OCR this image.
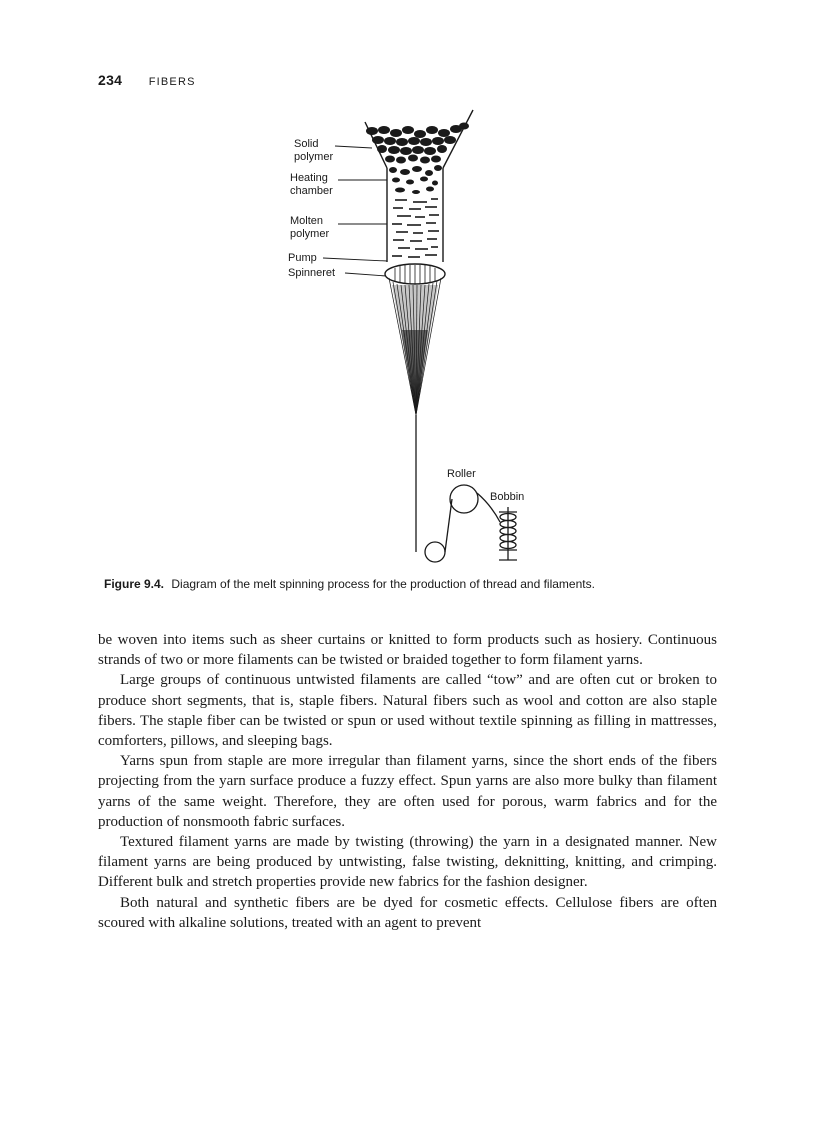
234 FIBERS
Solid
polymer
Heating
chamber
Molten
polymer
Pump
Spinneret
Roller
Bobbin
Figure 9.4. Diagram of the melt spinning process for the production of thread and filaments.

be woven into items such as sheer curtains or knitted to form products such as hosiery. Continuous strands of two or more filaments can be twisted or braided together to form filament yarns.

Large groups of continuous untwisted filaments are called “tow” and are often cut or broken to produce short segments, that is, staple fibers. Natural fibers such as wool and cotton are also staple fibers. The staple fiber can be twisted or spun or used without textile spinning as filling in mattresses, comforters, pillows, and sleeping bags.

Yarns spun from staple are more irregular than filament yarns, since the short ends of the fibers projecting from the yarn surface produce a fuzzy effect. Spun yarns are also more bulky than filament yarns of the same weight. Therefore, they are often used for porous, warm fabrics and for the production of nonsmooth fabric surfaces.

Textured filament yarns are made by twisting (throwing) the yarn in a designated manner. New filament yarns are being produced by untwisting, false twisting, deknitting, knitting, and crimping. Different bulk and stretch properties provide new fabrics for the fashion designer.

Both natural and synthetic fibers are be dyed for cosmetic effects. Cellulose fibers are often scoured with alkaline solutions, treated with an agent to prevent
